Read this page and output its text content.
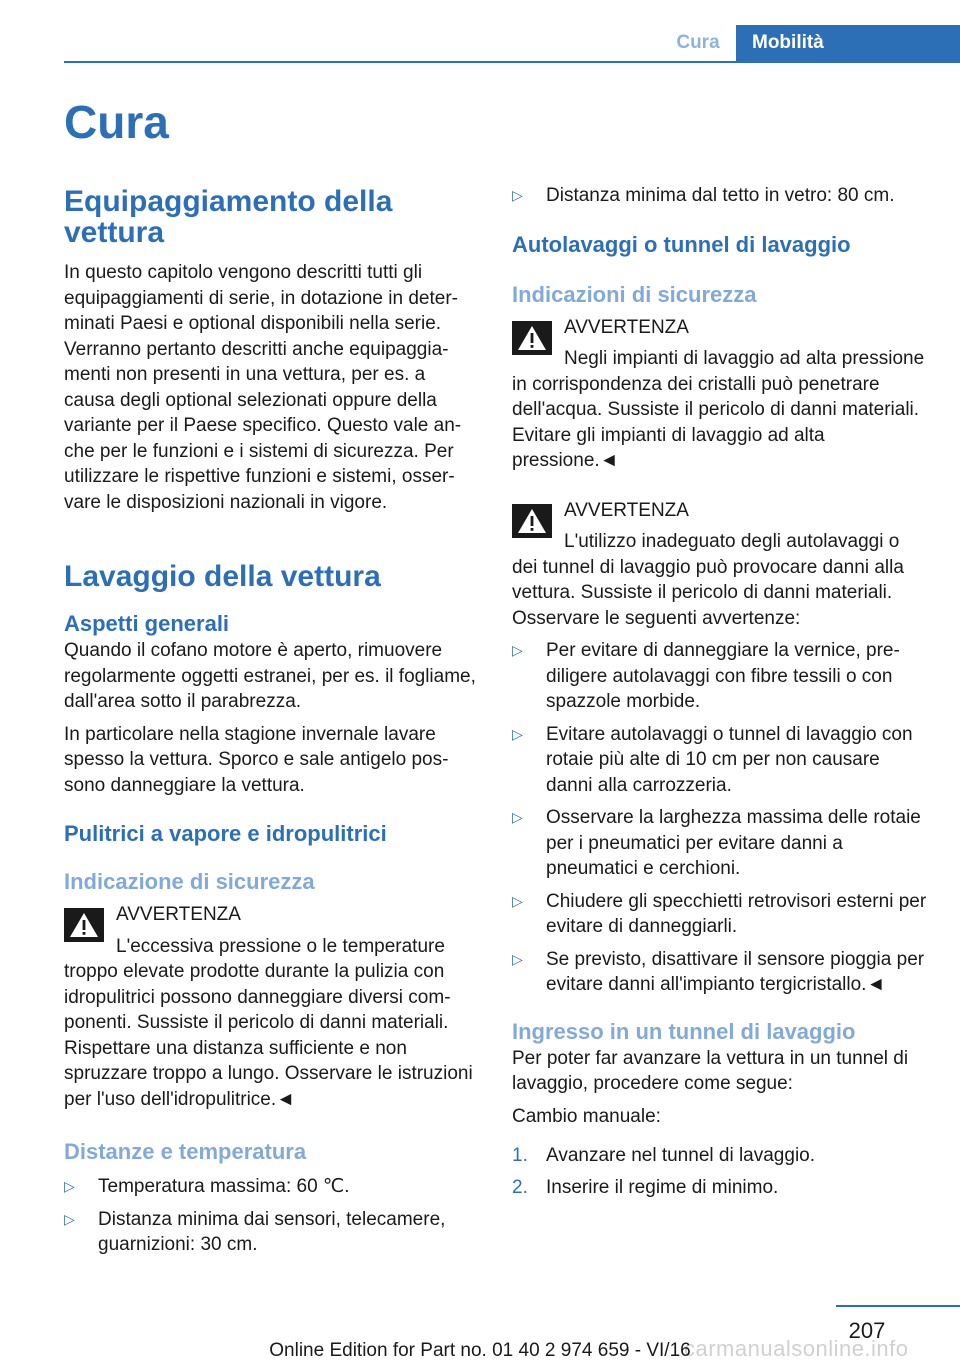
Cura	Mobilità
Cura
Equipaggiamento della vettura

In questo capitolo vengono descritti tutti gli equipaggiamenti di serie, in dotazione in determinati Paesi e optional disponibili nella serie. Verranno pertanto descritti anche equipaggiamenti non presenti in una vettura, per es. a causa degli optional selezionati oppure della variante per il Paese specifico. Questo vale anche per le funzioni e i sistemi di sicurezza. Per utilizzare le rispettive funzioni e sistemi, osservare le disposizioni nazionali in vigore.

Lavaggio della vettura
Aspetti generali

Quando il cofano motore è aperto, rimuovere regolarmente oggetti estranei, per es. il fogliame, dall'area sotto il parabrezza.

In particolare nella stagione invernale lavare spesso la vettura. Sporco e sale antigelo possono danneggiare la vettura.

Pulitrici a vapore e idropulitrici
Indicazione di sicurezza

AVVERTENZA

L'eccessiva pressione o le temperature troppo elevate prodotte durante la pulizia con idropulitrici possono danneggiare diversi componenti. Sussiste il pericolo di danni materiali. Rispettare una distanza sufficiente e non spruzzare troppo a lungo. Osservare le istruzioni per l'uso dell'idropulitrice.◄

Distanze e temperatura
▷ Temperatura massima: 60 ℃.
▷ Distanza minima dai sensori, telecamere, guarnizioni: 30 cm.
▷ Distanza minima dal tetto in vetro: 80 cm.
Autolavaggi o tunnel di lavaggio
Indicazioni di sicurezza

AVVERTENZA

Negli impianti di lavaggio ad alta pressione in corrispondenza dei cristalli può penetrare dell'acqua. Sussiste il pericolo di danni materiali. Evitare gli impianti di lavaggio ad alta pressione.◄

AVVERTENZA

L'utilizzo inadeguato degli autolavaggi o dei tunnel di lavaggio può provocare danni alla vettura. Sussiste il pericolo di danni materiali. Osservare le seguenti avvertenze:

▷ Per evitare di danneggiare la vernice, prediligere autolavaggi con fibre tessili o con spazzole morbide.
▷ Evitare autolavaggi o tunnel di lavaggio con rotaie più alte di 10 cm per non causare danni alla carrozzeria.
▷ Osservare la larghezza massima delle rotaie per i pneumatici per evitare danni a pneumatici e cerchioni.
▷ Chiudere gli specchietti retrovisori esterni per evitare di danneggiarli.
▷ Se previsto, disattivare il sensore pioggia per evitare danni all'impianto tergicristallo.◄
Ingresso in un tunnel di lavaggio

Per poter far avanzare la vettura in un tunnel di lavaggio, procedere come segue:

Cambio manuale:

1. Avanzare nel tunnel di lavaggio.
2. Inserire il regime di minimo.
207
carmanualsonline.info
Online Edition for Part no. 01 40 2 974 659 - VI/16
